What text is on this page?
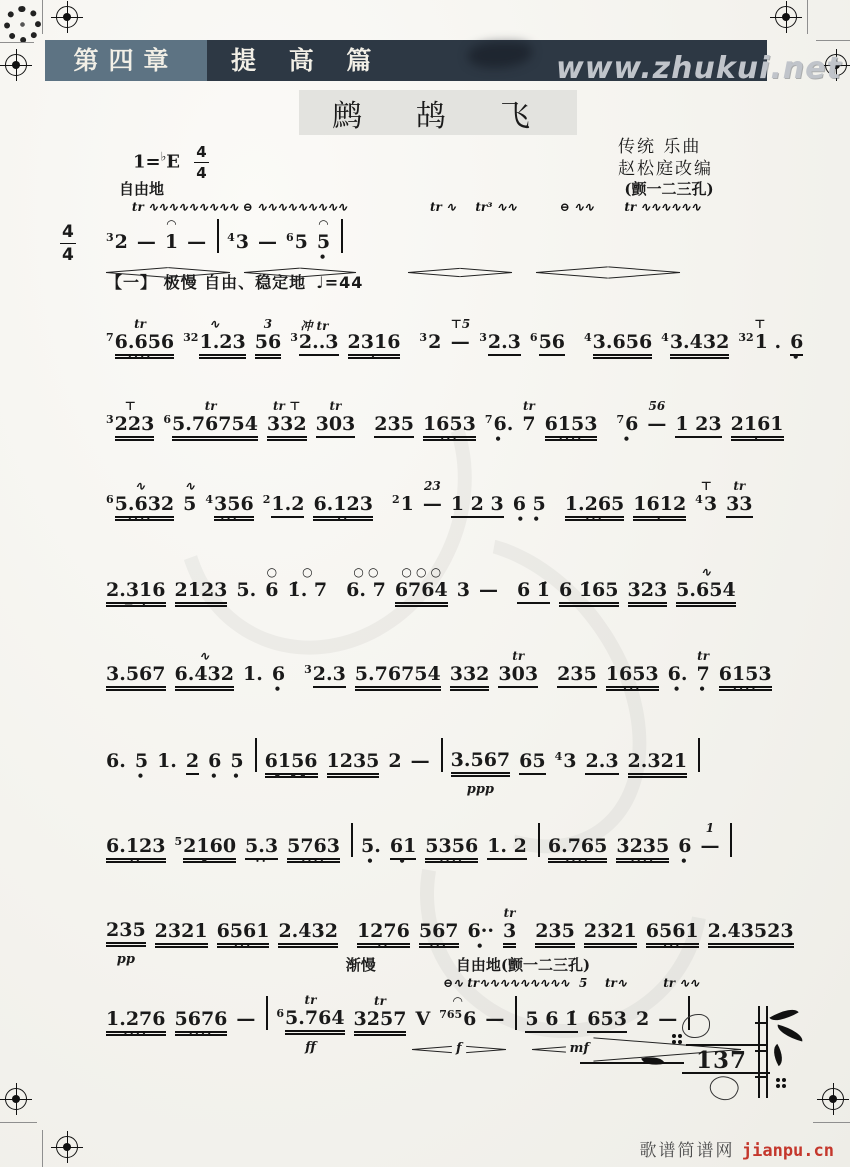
第四章	提 高 篇	www.zhukui.net
鹧鸪飞
$1=^♭E \frac{4}{4}$	传统 乐曲
赵松庭改编
自由地	(颤一二三孔)
tr ∿∿∿∿∿∿∿∿∿ ⊖ ∿∿∿∿∿∿∿∿∿	tr ∿ tr³ ∿∿	⊖ ∿∿	tr ∿∿∿∿∿∿
$\frac{4}{4}$
	$^3$2

—

◠
1

—

$^4$3

—

$^6$5

◠
5
•
【一】 极慢 自由、稳定地 ♩=44
tr
$^7$6.656
····
∿
$^{32}$1.23

3
56

冲 tr
$^3$2..3

2316
·

$^3$2

⊤5
—

$^3$2.3

$^6$56

$^4$3.656

$^4$3.432

⊤
$^{32}$1 .

6
•
⊤
$^3$223

tr
$^6$5.76754

tr ⊤
332

tr
303

235

1653
···

$^7$6.
•
tr
7

6153
····

$^7$6
•
56
—

1 23

2161
·
∿
$^6$5.632
····
∿
5

$^4$356
···

$^2$1.2

6.123
··

$^2$1

23
—

1 2 3

6 5
• •

1.265
···

1612
·
⊤
$^4$3

tr
33

2.316
− ·

2123

5.

○
6

○
1̇. 7

○ ○
6. 7

○ ○ ○
6764

3

—

6 1̇

6 1̇65

323

∿
5.654

3.567

∿
6.432

1.

6
•

$^3$2.3

5.76754

332

tr
303

235

1653
···

6.
•
tr
7
•

6153
····

6.

5
•

1.

2

6
•

5
•

6156
• ••

1235

2

—

3.567

ppp

65

$^4$3

2.3

2.321

6.123
··

$^5$2160
•

5.3
··

5763
····

5.
•

61
•

5356
····

1. 2

6.765
····

3235
····

6
•
1
—

235

pp

2321

6561
···

2.432

1276
··

567
···

6··
•
tr
3

235

2321

6561
···

2.43523

渐慢	自由地(颤一二三孔)
⊖∿ tr∿∿∿∿∿∿∿∿∿ 5 tr∿	tr ∿∿

1.276
····

5676
····

—

tr
$^6$5.764

ff
tr
3257

V

◠
$^{765}$6

—

5 6 1̇

653

2

—

f	mf	137
歌谱简谱网 jianpu.cn
